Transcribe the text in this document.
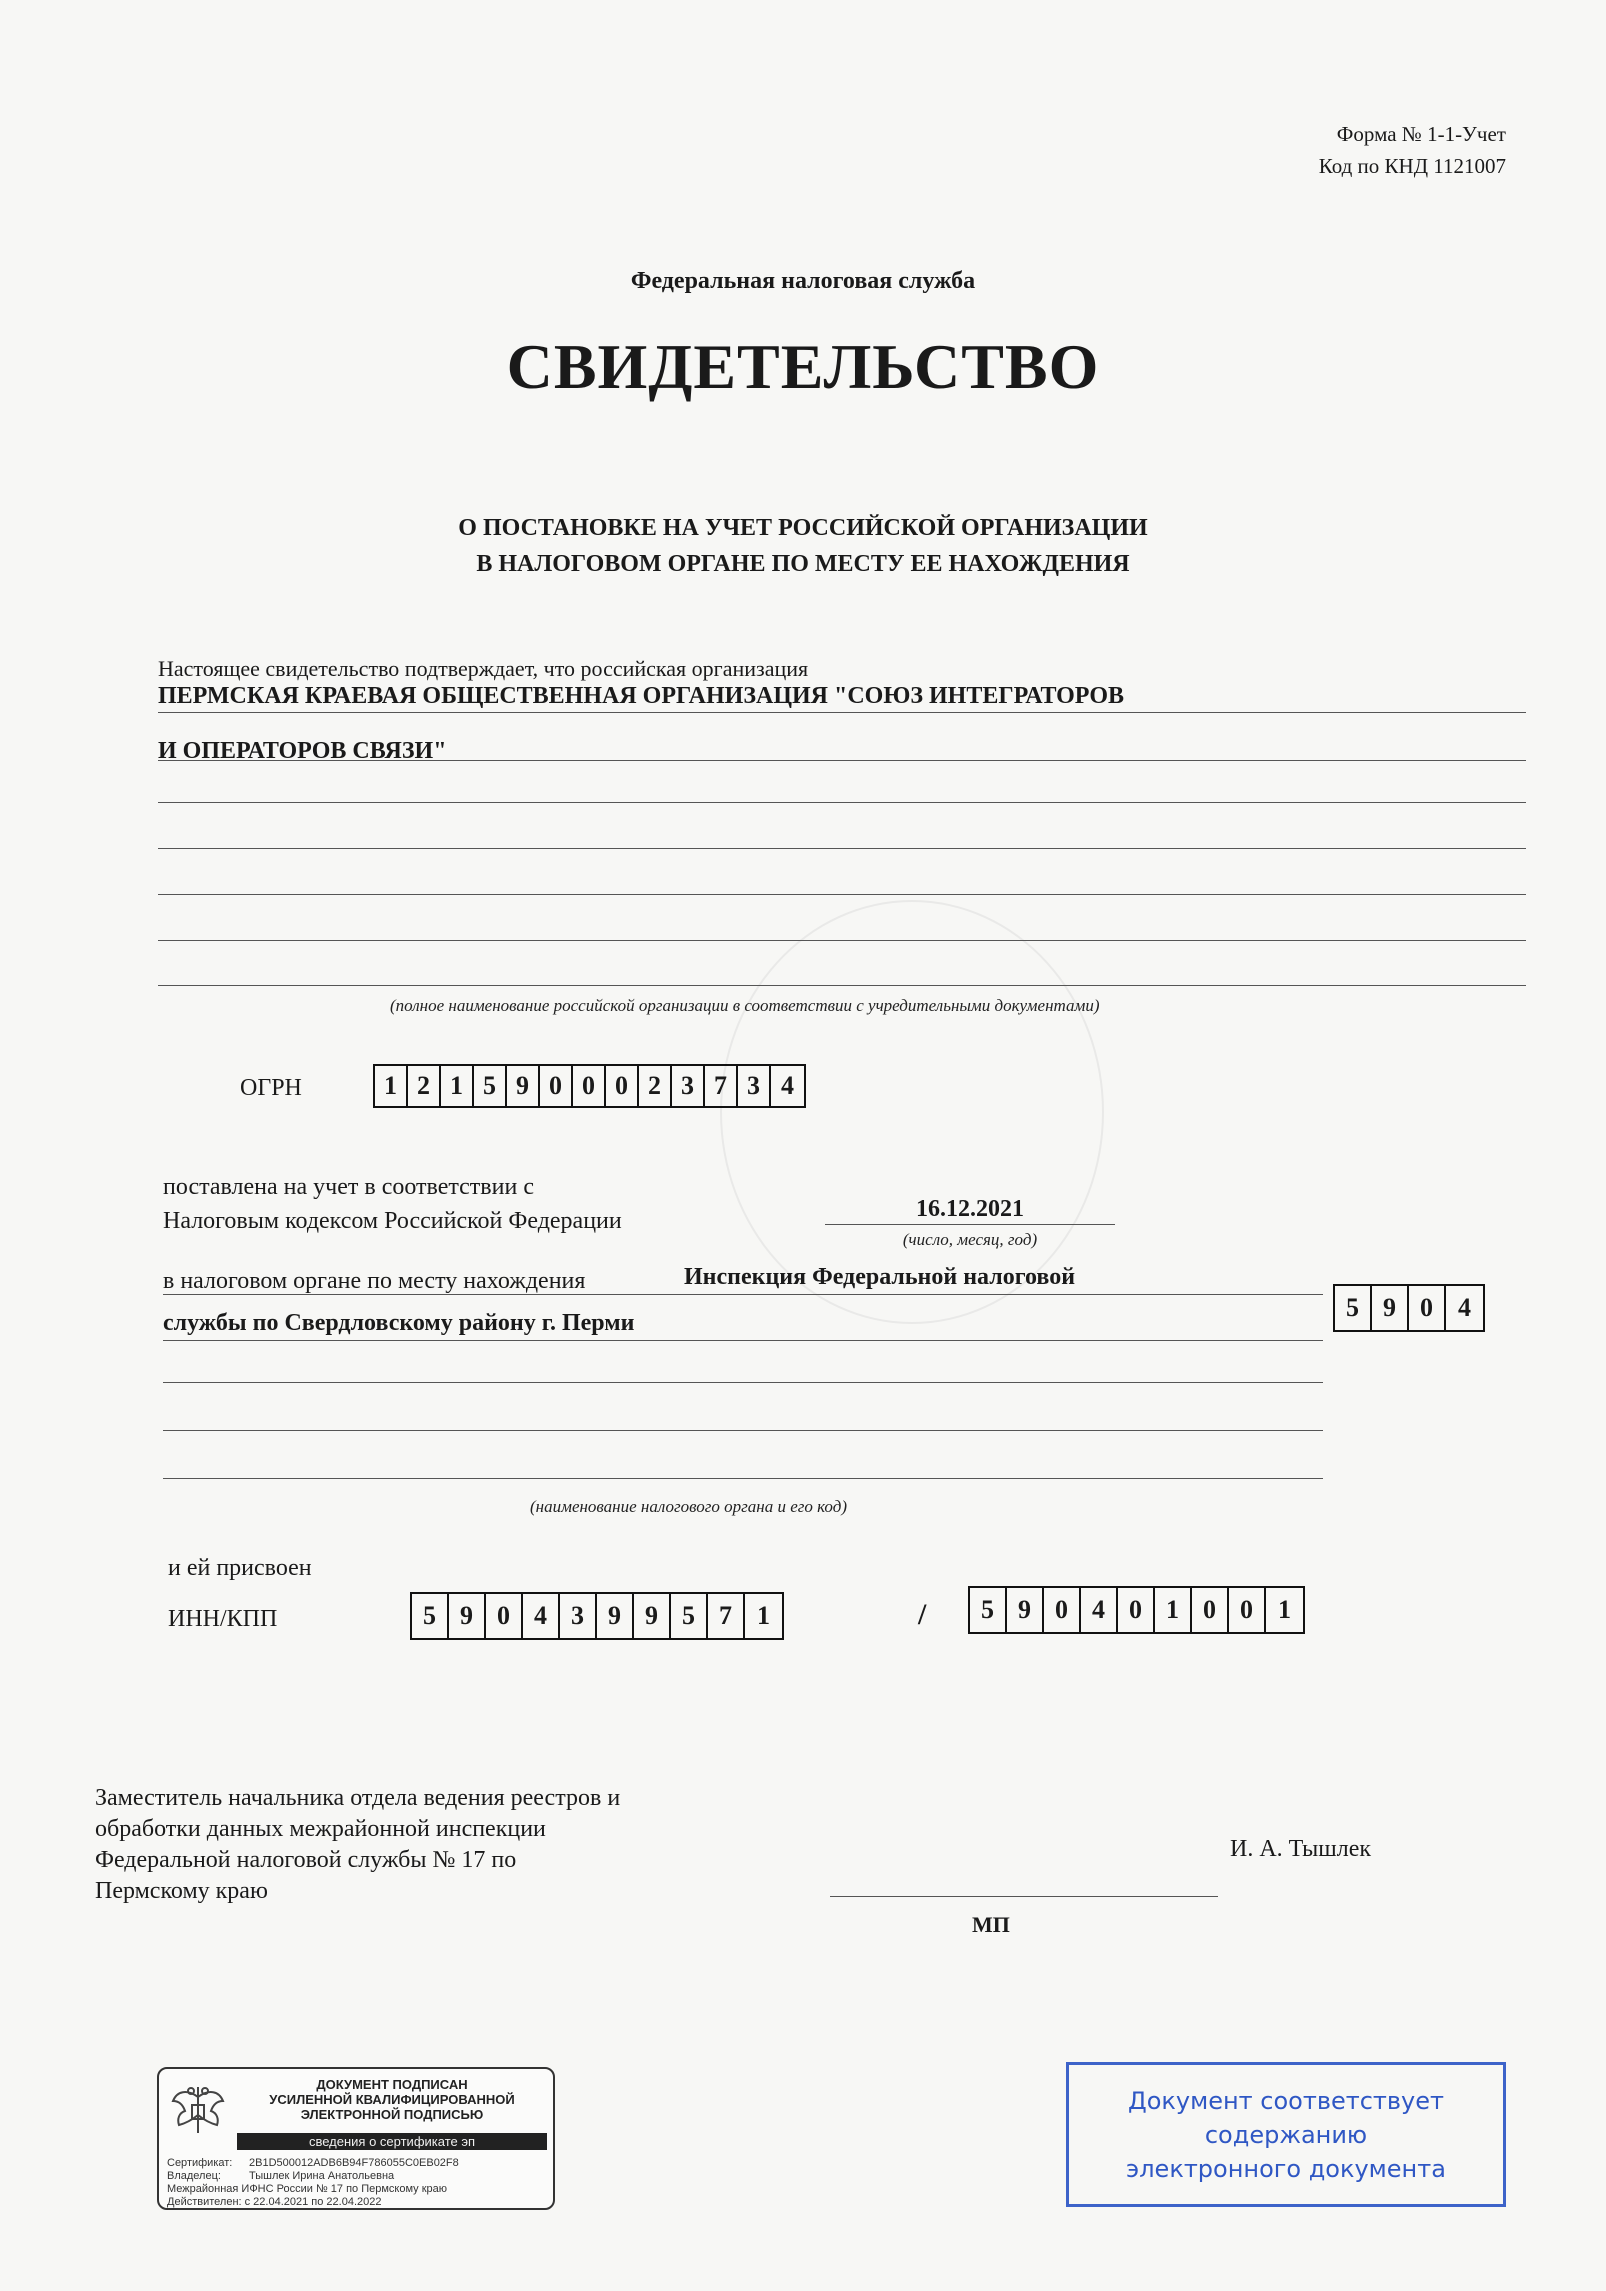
Форма № 1-1-Учет
Код по КНД 1121007
Федеральная налоговая служба
СВИДЕТЕЛЬСТВО
О ПОСТАНОВКЕ НА УЧЕТ РОССИЙСКОЙ ОРГАНИЗАЦИИ
В НАЛОГОВОМ ОРГАНЕ ПО МЕСТУ ЕЕ НАХОЖДЕНИЯ
Настоящее свидетельство подтверждает, что российская организация
ПЕРМСКАЯ КРАЕВАЯ ОБЩЕСТВЕННАЯ ОРГАНИЗАЦИЯ "СОЮЗ ИНТЕГРАТОРОВ
И ОПЕРАТОРОВ СВЯЗИ"
(полное наименование российской организации в соответствии с учредительными документами)
ОГРН	1 2 1 5 9 0 0 0 2 3 7 3 4
поставлена на учет в соответствии с
Налоговым кодексом Российской Федерации	16.12.2021
(число, месяц, год)
в налоговом органе по месту нахождения	Инспекция Федеральной налоговой
службы по Свердловскому району г. Перми
5 9 0 4
(наименование налогового органа и его код)
и ей присвоен
ИНН/КПП	5 9 0 4 3 9 9 5 7 1	/	5 9 0 4 0 1 0 0 1
Заместитель начальника отдела ведения реестров и
обработки данных межрайонной инспекции
Федеральной налоговой службы № 17 по
Пермскому краю
И. А. Тышлек
МП
ДОКУМЕНТ ПОДПИСАН
УСИЛЕННОЙ КВАЛИФИЦИРОВАННОЙ
ЭЛЕКТРОННОЙ ПОДПИСЬЮ
сведения о сертификате эп
Сертификат:	2B1D500012ADB6B94F786055C0EB02F8
Владелец:	Тышлек Ирина Анатольевна
Межрайонная ИФНС России № 17 по Пермскому краю
Действителен: с 22.04.2021 по 22.04.2022
Документ соответствует
содержанию
электронного документа
